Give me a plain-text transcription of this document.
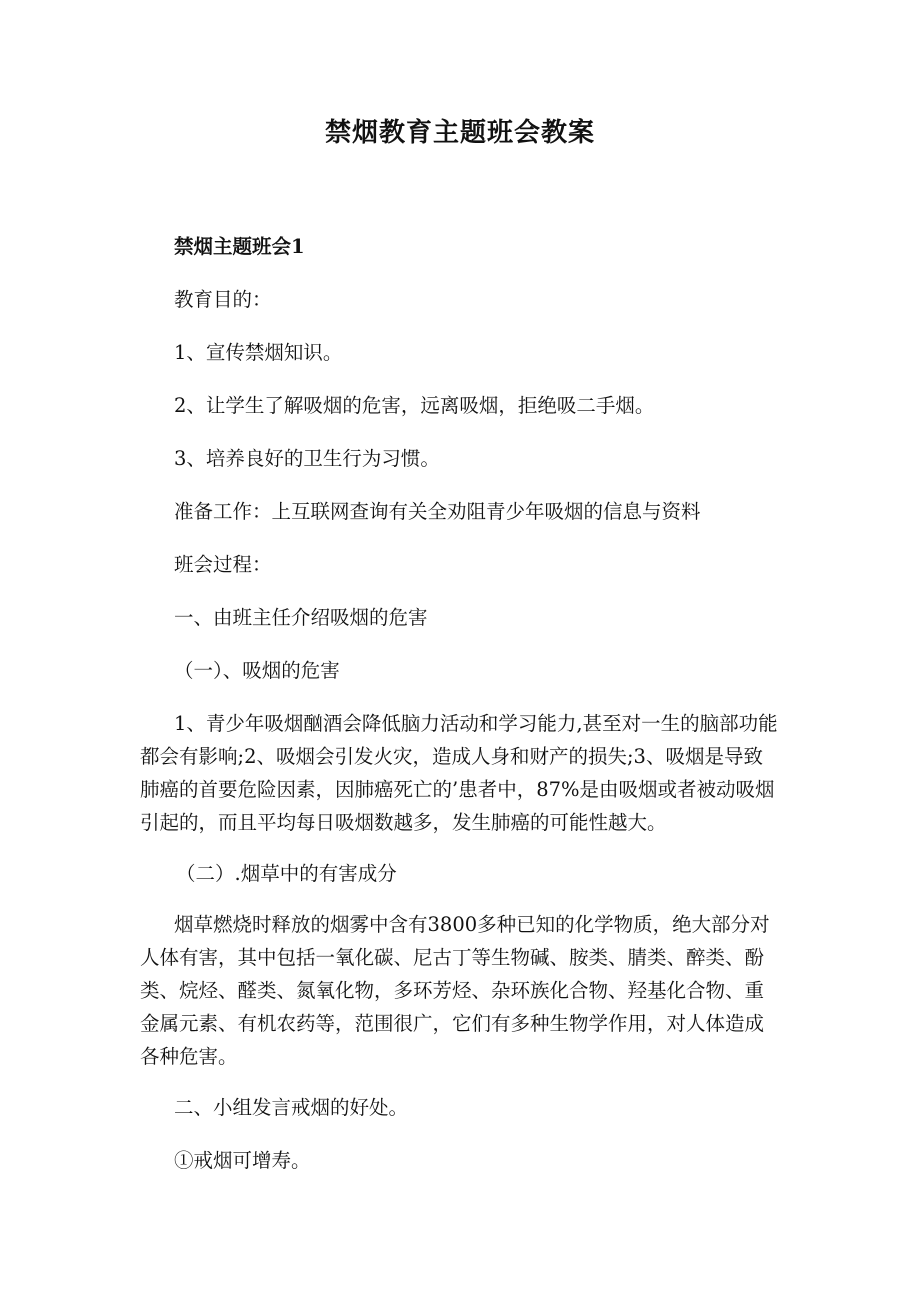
禁烟教育主题班会教案

禁烟主题班会1

教育目的：

1、宣传禁烟知识。

2、让学生了解吸烟的危害，远离吸烟，拒绝吸二手烟。

3、培养良好的卫生行为习惯。

准备工作：上互联网查询有关全劝阻青少年吸烟的信息与资料

班会过程：

一、由班主任介绍吸烟的危害

（一）、吸烟的危害

1、青少年吸烟酗酒会降低脑力活动和学习能力,甚至对一生的脑部功能都会有影响;2、吸烟会引发火灾，造成人身和财产的损失;3、吸烟是导致肺癌的首要危险因素，因肺癌死亡的’患者中，87%是由吸烟或者被动吸烟引起的，而且平均每日吸烟数越多，发生肺癌的可能性越大。

（二）.烟草中的有害成分

烟草燃烧时释放的烟雾中含有3800多种已知的化学物质，绝大部分对人体有害，其中包括一氧化碳、尼古丁等生物碱、胺类、腈类、醉类、酚类、烷烃、醛类、氮氧化物，多环芳烃、杂环族化合物、羟基化合物、重金属元素、有机农药等，范围很广，它们有多种生物学作用，对人体造成各种危害。

二、小组发言戒烟的好处。

①戒烟可增寿。
